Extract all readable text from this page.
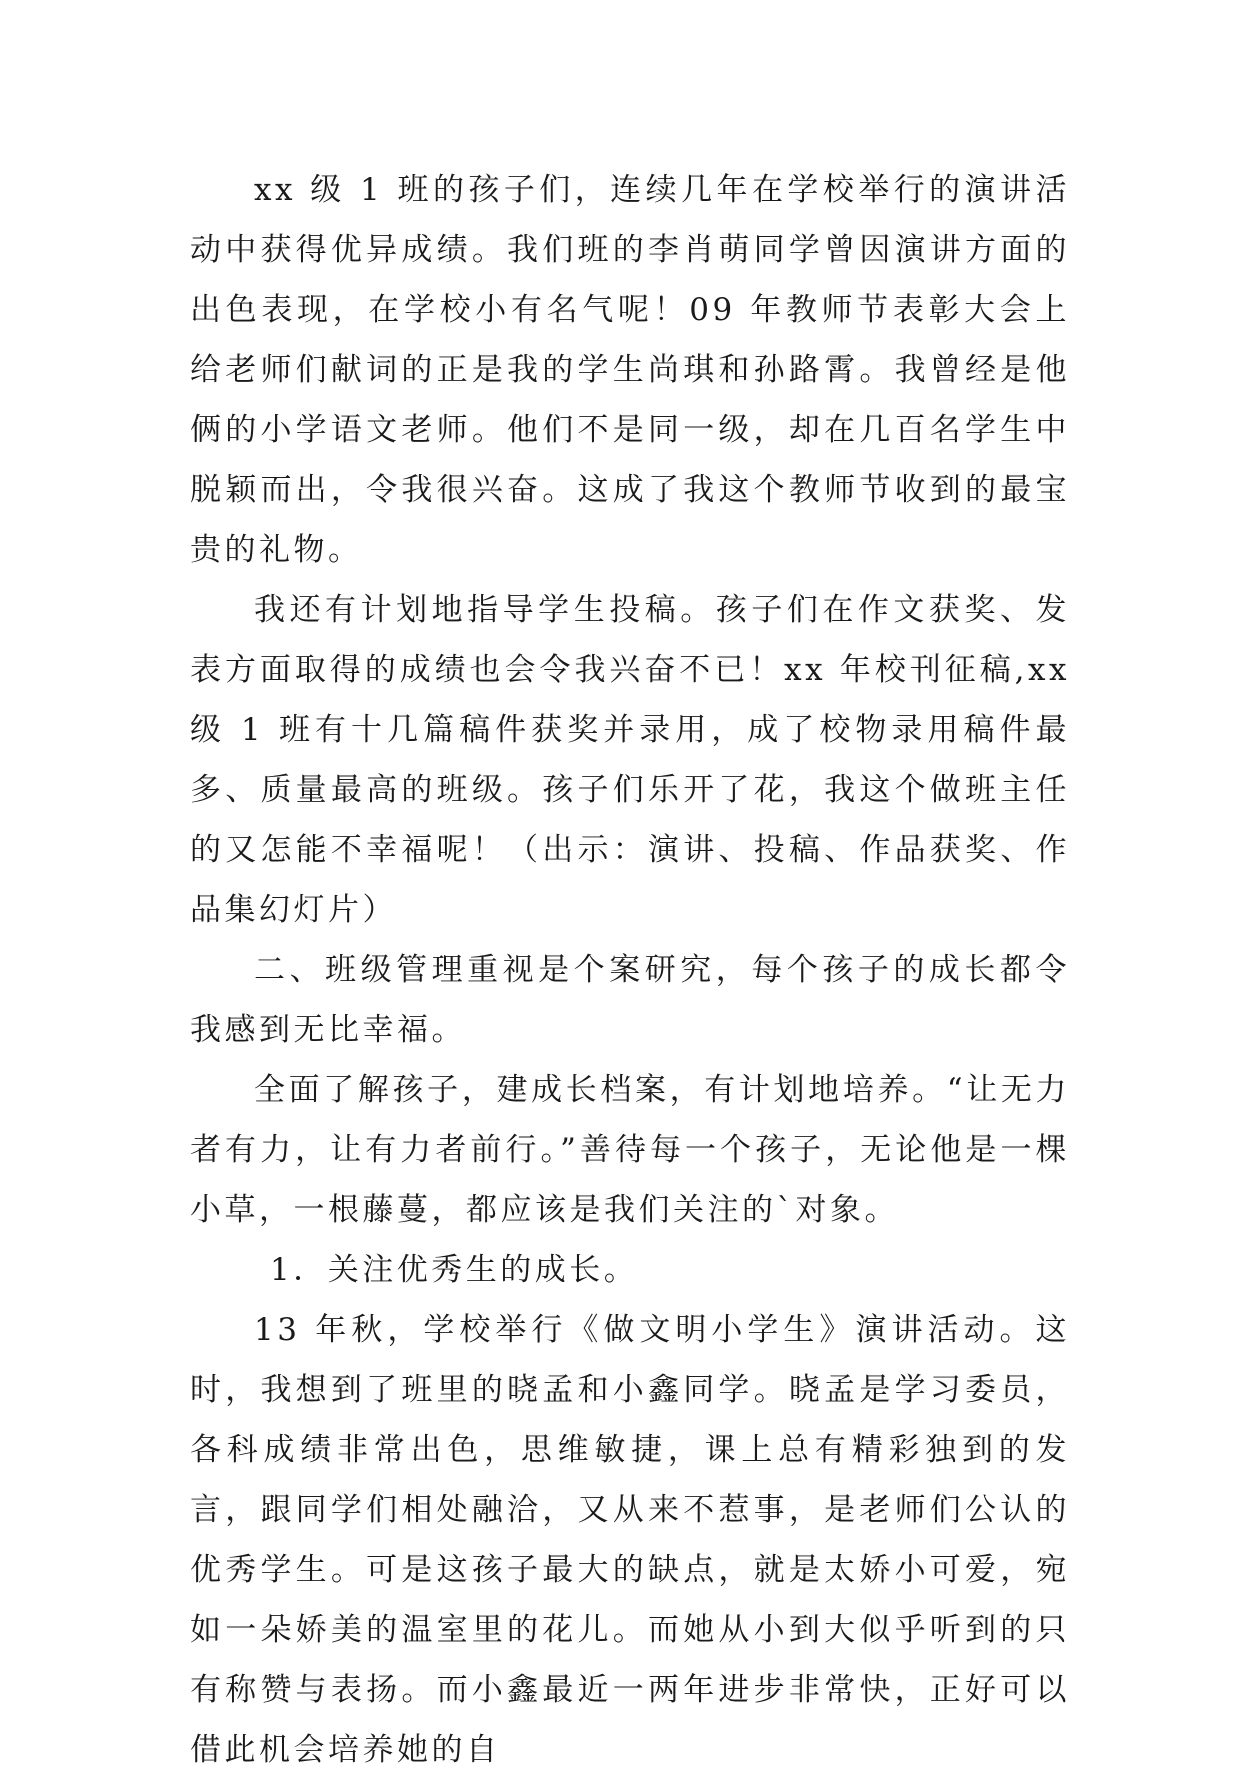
xx 级 1 班的孩子们，连续几年在学校举行的演讲活动中获得优异成绩。我们班的李肖萌同学曾因演讲方面的出色表现，在学校小有名气呢！09 年教师节表彰大会上给老师们献词的正是我的学生尚琪和孙路霄。我曾经是他俩的小学语文老师。他们不是同一级，却在几百名学生中脱颖而出，令我很兴奋。这成了我这个教师节收到的最宝贵的礼物。

我还有计划地指导学生投稿。孩子们在作文获奖、发表方面取得的成绩也会令我兴奋不已！xx 年校刊征稿,xx 级 1 班有十几篇稿件获奖并录用，成了校物录用稿件最多、质量最高的班级。孩子们乐开了花，我这个做班主任的又怎能不幸福呢！（出示：演讲、投稿、作品获奖、作品集幻灯片）

二、班级管理重视是个案研究，每个孩子的成长都令我感到无比幸福。

全面了解孩子，建成长档案，有计划地培养。“让无力者有力，让有力者前行。”善待每一个孩子，无论他是一棵小草，一根藤蔓，都应该是我们关注的`对象。

1．关注优秀生的成长。

13 年秋，学校举行《做文明小学生》演讲活动。这时，我想到了班里的晓孟和小鑫同学。晓孟是学习委员，各科成绩非常出色，思维敏捷，课上总有精彩独到的发言，跟同学们相处融洽，又从来不惹事，是老师们公认的优秀学生。可是这孩子最大的缺点，就是太娇小可爱，宛如一朵娇美的温室里的花儿。而她从小到大似乎听到的只有称赞与表扬。而小鑫最近一两年进步非常快，正好可以借此机会培养她的自
